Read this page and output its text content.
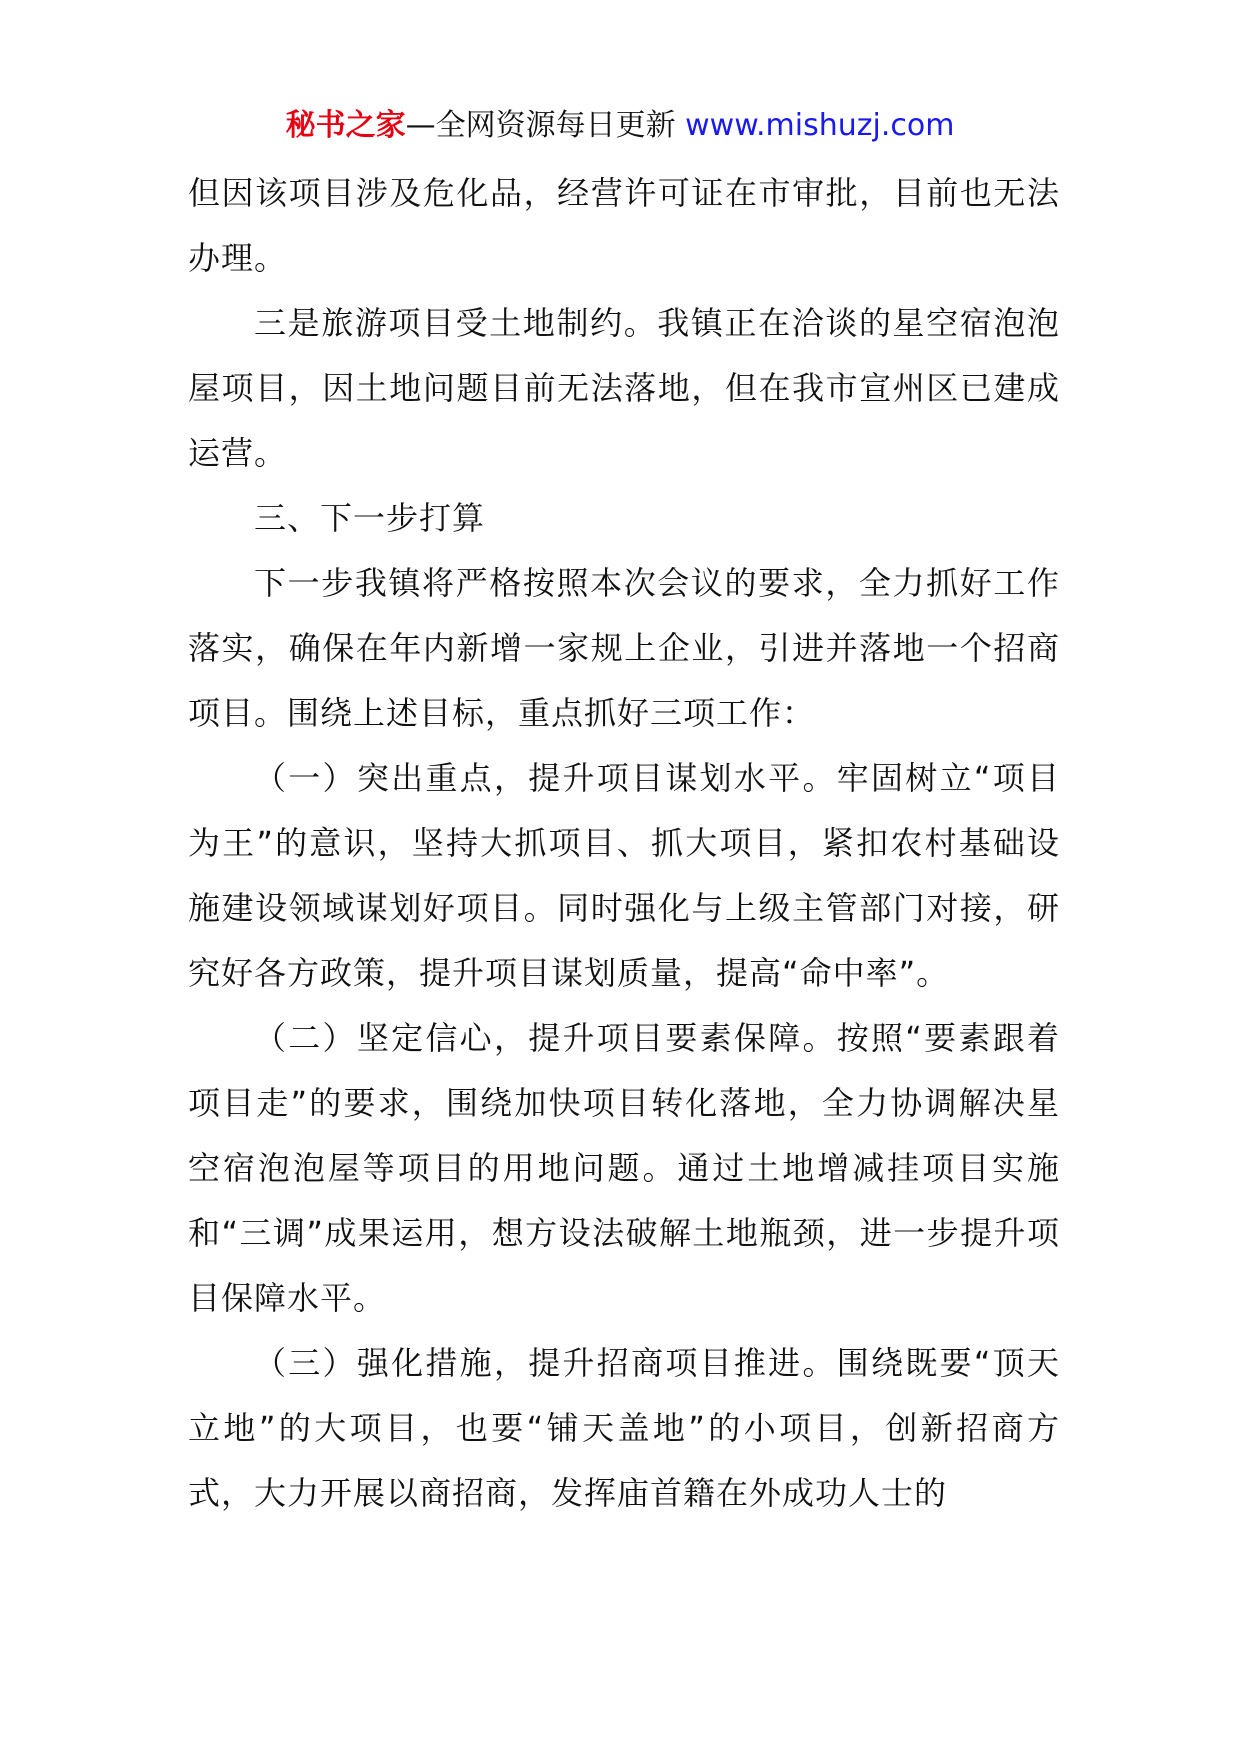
秘书之家—全网资源每日更新 www.mishuzj.com

但因该项目涉及危化品，经营许可证在市审批，目前也无法办理。

三是旅游项目受土地制约。我镇正在洽谈的星空宿泡泡屋项目，因土地问题目前无法落地，但在我市宣州区已建成运营。

三、下一步打算

下一步我镇将严格按照本次会议的要求，全力抓好工作落实，确保在年内新增一家规上企业，引进并落地一个招商项目。围绕上述目标，重点抓好三项工作：

（一）突出重点，提升项目谋划水平。牢固树立“项目为王”的意识，坚持大抓项目、抓大项目，紧扣农村基础设施建设领域谋划好项目。同时强化与上级主管部门对接，研究好各方政策，提升项目谋划质量，提高“命中率”。

（二）坚定信心，提升项目要素保障。按照“要素跟着项目走”的要求，围绕加快项目转化落地，全力协调解决星空宿泡泡屋等项目的用地问题。通过土地增减挂项目实施和“三调”成果运用，想方设法破解土地瓶颈，进一步提升项目保障水平。

（三）强化措施，提升招商项目推进。围绕既要“顶天立地”的大项目，也要“铺天盖地”的小项目，创新招商方式，大力开展以商招商，发挥庙首籍在外成功人士的
